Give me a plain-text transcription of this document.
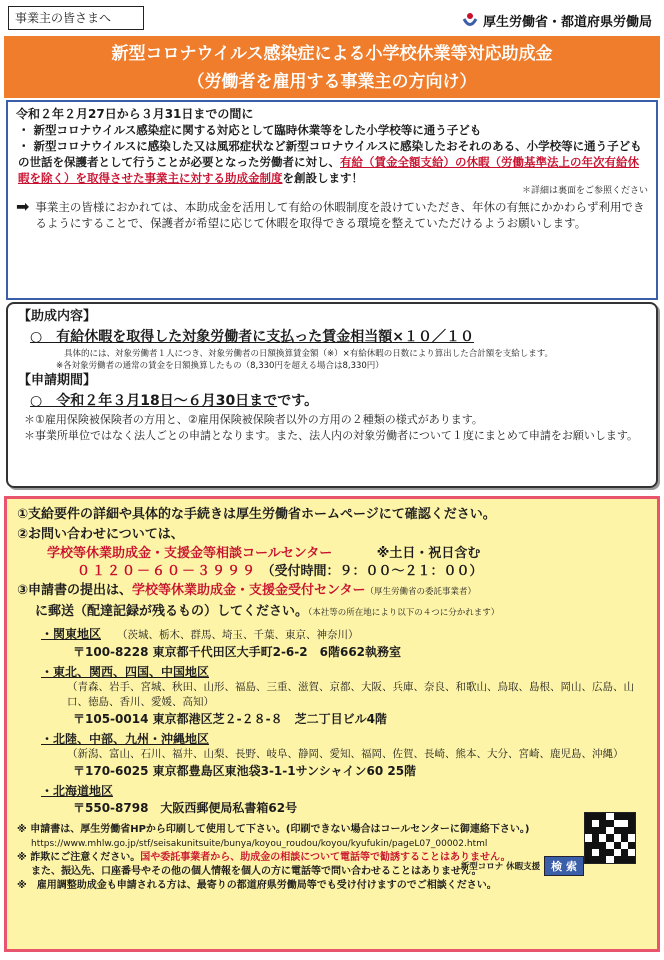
事業主の皆さまへ	厚生労働省・都道府県労働局
新型コロナウイルス感染症による小学校休業等対応助成金
（労働者を雇用する事業主の方向け）
令和２年２月27日から３月31日までの間に
・ 新型コロナウイルス感染症に関する対応として臨時休業等をした小学校等に通う子ども
・ 新型コロナウイルスに感染した又は風邪症状など新型コロナウイルスに感染したおそれのある、小学校等に通う子ども
の世話を保護者として行うことが必要となった労働者に対し、有給（賃金全額支給）の休暇（労働基準法上の年次有給休暇を除く）を取得させた事業主に対する助成金制度を創設します！
＊詳細は裏面をご参照ください
➡ 事業主の皆様におかれては、本助成金を活用して有給の休暇制度を設けていただき、年休の有無にかかわらず利用できるようにすることで、保護者が希望に応じて休暇を取得できる環境を整えていただけるようお願いします。
【助成内容】
○　有給休暇を取得した対象労働者に支払った賃金相当額×１０／１０
具体的には、対象労働者１人につき、対象労働者の日額換算賃金額（※）×有給休暇の日数により算出した合計額を支給します。
※各対象労働者の通常の賃金を日額換算したもの（8,330円を超える場合は8,330円）
【申請期間】
○　令和２年３月18日～６月30日までです。
＊①雇用保険被保険者の方用と、②雇用保険被保険者以外の方用の２種類の様式があります。
＊事業所単位ではなく法人ごとの申請となります。また、法人内の対象労働者について１度にまとめて申請をお願いします。
①支給要件の詳細や具体的な手続きは厚生労働省ホームページにて確認ください。
②お問い合わせについては、
学校等休業助成金・支援金等相談コールセンター	※土日・祝日含む
０１２０－６０－３９９９ （受付時間：９：００～２１：００）
③申請書の提出は、学校等休業助成金・支援金受付センター（厚生労働省の委託事業者）
に郵送（配達記録が残るもの）してください。（本社等の所在地により以下の４つに分かれます）
・関東地区 （茨城、栃木、群馬、埼玉、千葉、東京、神奈川）
〒100-8228 東京都千代田区大手町2-6-2　6階662執務室
・東北、関西、四国、中国地区
（青森、岩手、宮城、秋田、山形、福島、三重、滋賀、京都、大阪、兵庫、奈良、和歌山、鳥取、島根、岡山、広島、山口、徳島、香川、愛媛、高知）
〒105-0014 東京都港区芝２-２８-８　芝二丁目ビル4階
・北陸、中部、九州・沖縄地区
（新潟、富山、石川、福井、山梨、長野、岐阜、静岡、愛知、福岡、佐賀、長崎、熊本、大分、宮崎、鹿児島、沖縄）
〒170-6025 東京都豊島区東池袋3-1-1サンシャイン60 25階
・北海道地区
〒550-8798　大阪西郵便局私書箱62号
※ 申請書は、厚生労働省HPから印刷して使用して下さい。(印刷できない場合はコールセンターに御連絡下さい。)
https://www.mhlw.go.jp/stf/seisakunitsuite/bunya/koyou_roudou/koyou/kyufukin/pageL07_00002.html
※ 詐欺にご注意ください。国や委託事業者から、助成金の相談について電話等で勧誘することはありません。
また、振込先、口座番号やその他の個人情報を個人の方に電話等で問い合わせることはありません。
※　雇用調整助成金も申請される方は、最寄りの都道府県労働局等でも受け付けますのでご相談ください。
新型コロナ 休暇支援	検 索
